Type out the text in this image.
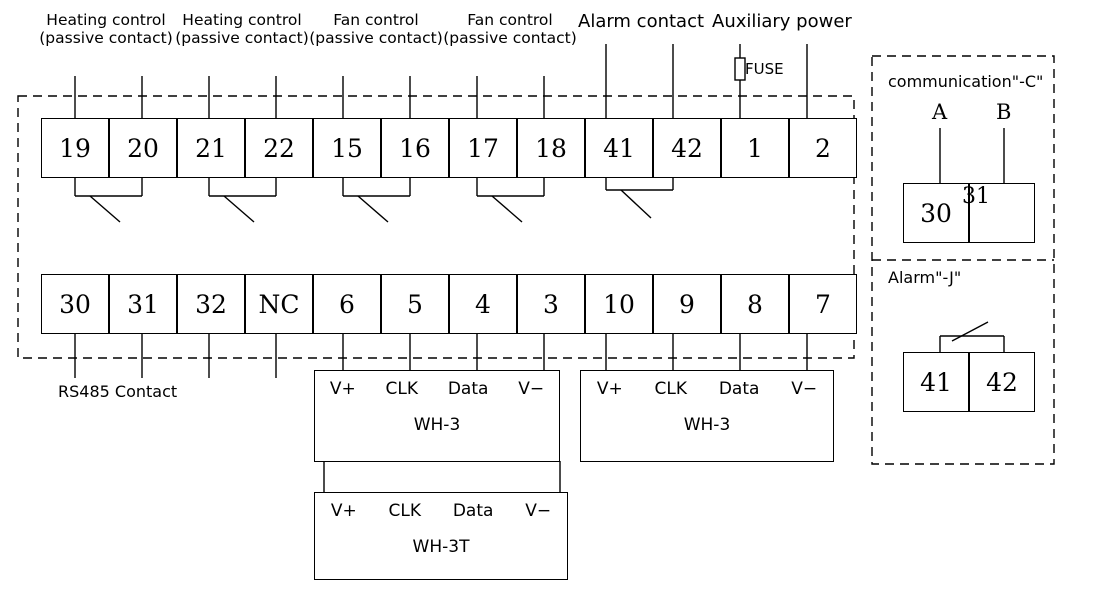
Heating control
(passive contact)
Heating control
(passive contact)
Fan control
(passive contact)
Fan control
(passive contact)
Alarm contact Auxiliary power
FUSE
19	20	21	22	15	16	17	18	41	42	1	2
30	31	32	NC	6	5	4	3	10	9	8	7
RS485 Contact	V+ CLK Data V−
WH-3
V+ CLK Data V−
WH-3
V+ CLK Data V−
WH-3T
communication"-C"
A B
30
31
Alarm"-J"
41	42
